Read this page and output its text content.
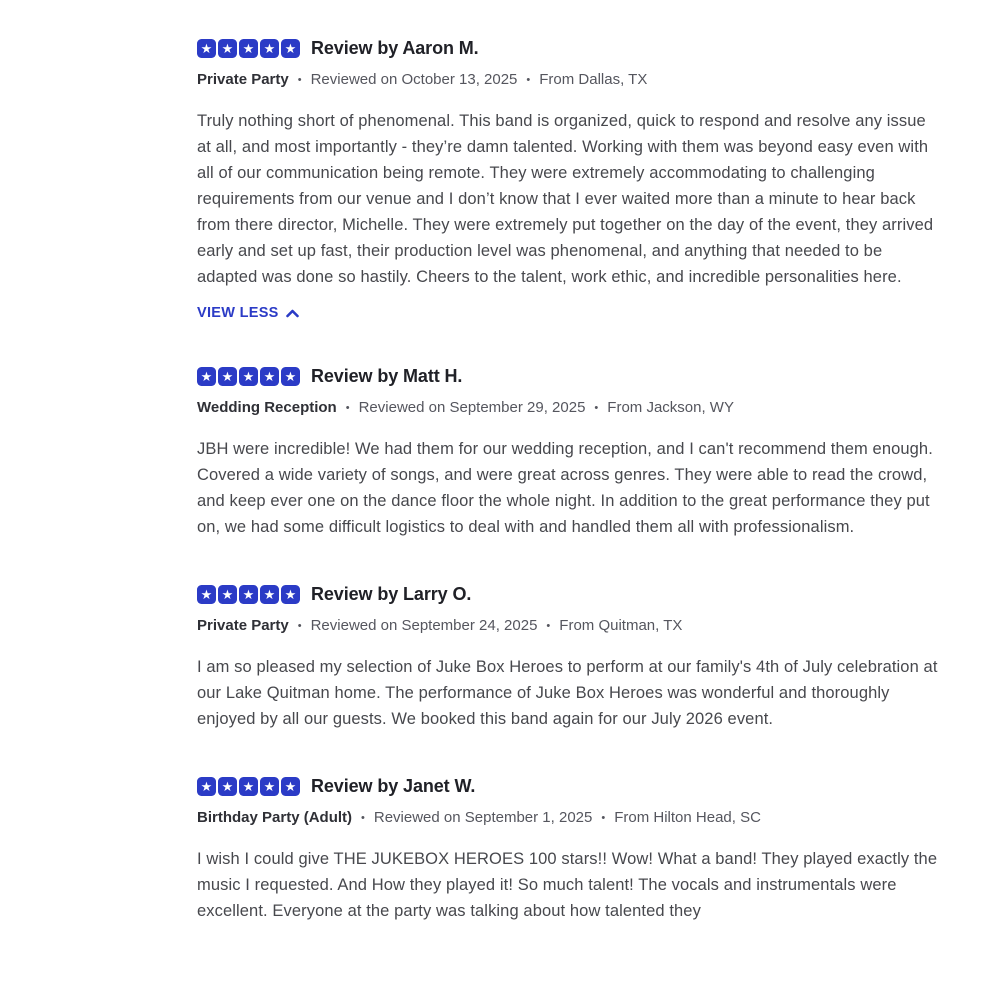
★ ★ ★ ★ ★ Review by Aaron M.
Private Party • Reviewed on October 13, 2025 • From Dallas, TX

Truly nothing short of phenomenal. This band is organized, quick to respond and resolve any issue at all, and most importantly - they’re damn talented. Working with them was beyond easy even with all of our communication being remote. They were extremely accommodating to challenging requirements from our venue and I don’t know that I ever waited more than a minute to hear back from there director, Michelle. They were extremely put together on the day of the event, they arrived early and set up fast, their production level was phenomenal, and anything that needed to be adapted was done so hastily. Cheers to the talent, work ethic, and incredible personalities here.

VIEW LESS
★ ★ ★ ★ ★ Review by Matt H.
Wedding Reception • Reviewed on September 29, 2025 • From Jackson, WY

JBH were incredible! We had them for our wedding reception, and I can't recommend them enough. Covered a wide variety of songs, and were great across genres. They were able to read the crowd, and keep ever one on the dance floor the whole night. In addition to the great performance they put on, we had some difficult logistics to deal with and handled them all with professionalism.

★ ★ ★ ★ ★ Review by Larry O.
Private Party • Reviewed on September 24, 2025 • From Quitman, TX

I am so pleased my selection of Juke Box Heroes to perform at our family's 4th of July celebration at our Lake Quitman home. The performance of Juke Box Heroes was wonderful and thoroughly enjoyed by all our guests. We booked this band again for our July 2026 event.

★ ★ ★ ★ ★ Review by Janet W.
Birthday Party (Adult) • Reviewed on September 1, 2025 • From Hilton Head, SC

I wish I could give THE JUKEBOX HEROES 100 stars!! Wow! What a band! They played exactly the music I requested. And How they played it! So much talent! The vocals and instrumentals were excellent. Everyone at the party was talking about how talented they
